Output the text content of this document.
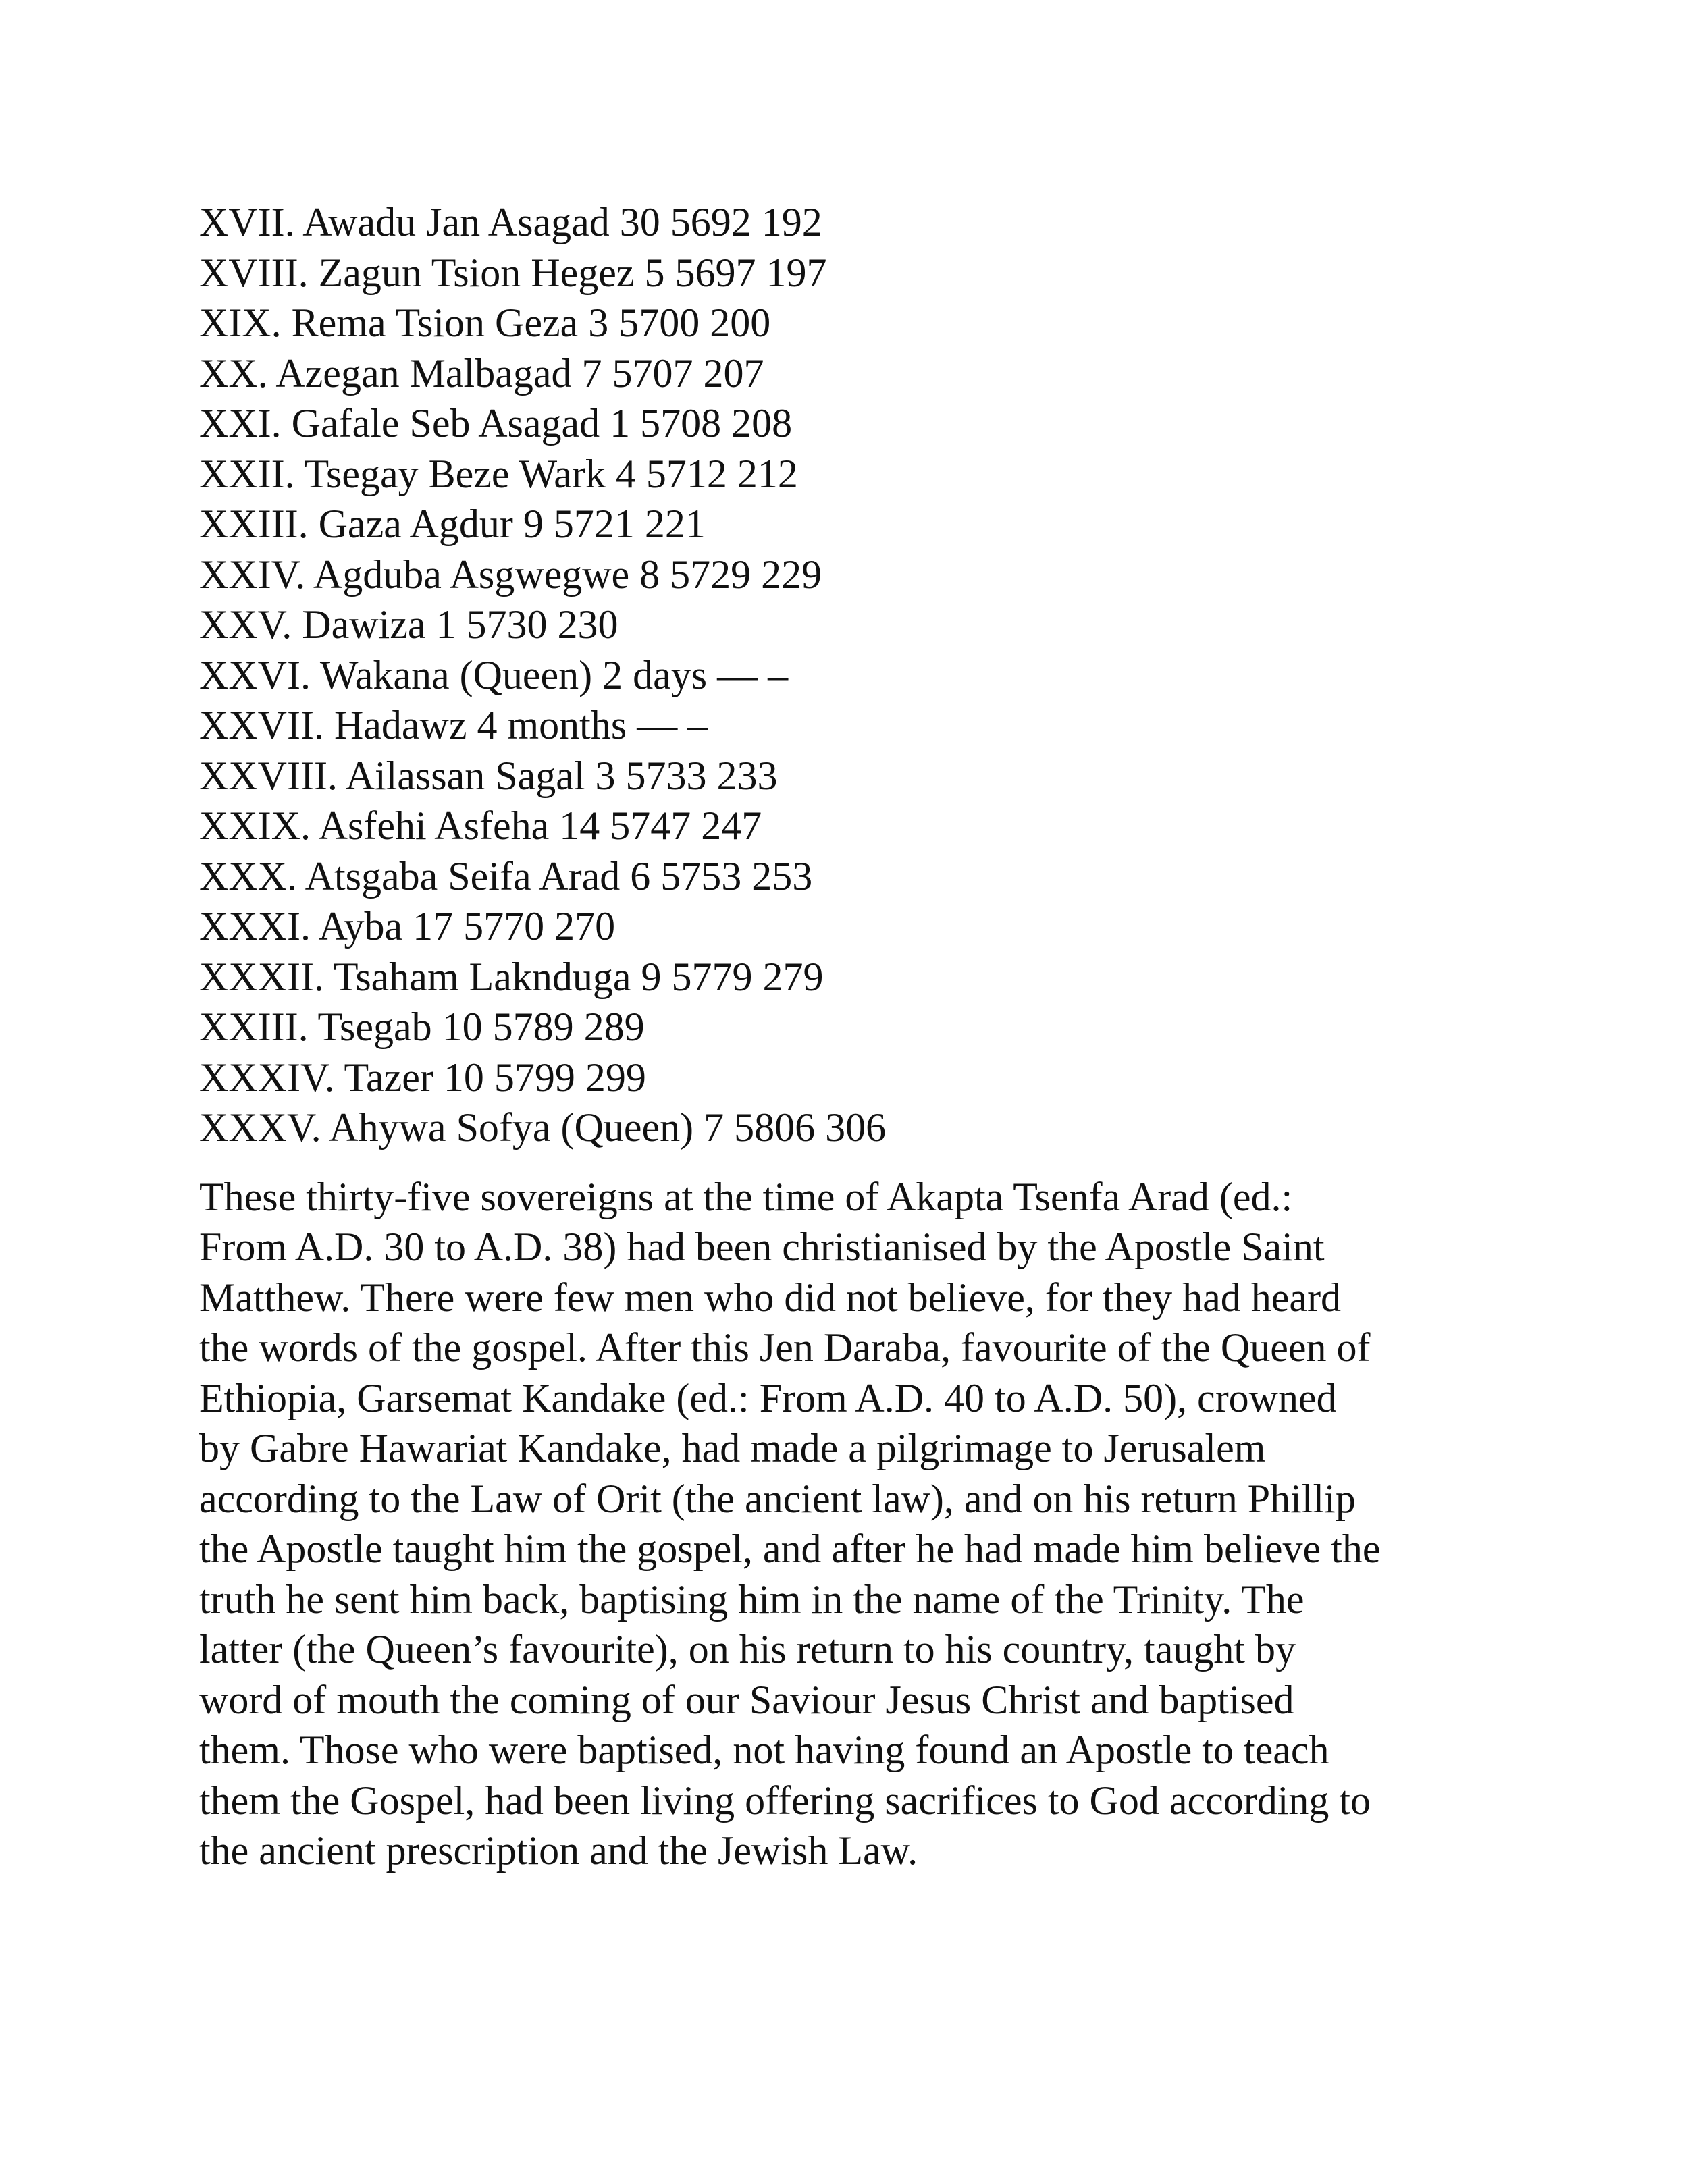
XVII. Awadu Jan Asagad 30 5692 192
XVIII. Zagun Tsion Hegez 5 5697 197
XIX. Rema Tsion Geza 3 5700 200
XX. Azegan Malbagad 7 5707 207
XXI. Gafale Seb Asagad 1 5708 208
XXII. Tsegay Beze Wark 4 5712 212
XXIII. Gaza Agdur 9 5721 221
XXIV. Agduba Asgwegwe 8 5729 229
XXV. Dawiza 1 5730 230
XXVI. Wakana (Queen) 2 days — –
XXVII. Hadawz 4 months — –
XXVIII. Ailassan Sagal 3 5733 233
XXIX. Asfehi Asfeha 14 5747 247
XXX. Atsgaba Seifa Arad 6 5753 253
XXXI. Ayba 17 5770 270
XXXII. Tsaham Laknduga 9 5779 279
XXIII. Tsegab 10 5789 289
XXXIV. Tazer 10 5799 299
XXXV. Ahywa Sofya (Queen) 7 5806 306

These thirty-five sovereigns at the time of Akapta Tsenfa Arad (ed.:
From A.D. 30 to A.D. 38) had been christianised by the Apostle Saint
Matthew. There were few men who did not believe, for they had heard
the words of the gospel. After this Jen Daraba, favourite of the Queen of
Ethiopia, Garsemat Kandake (ed.: From A.D. 40 to A.D. 50), crowned
by Gabre Hawariat Kandake, had made a pilgrimage to Jerusalem
according to the Law of Orit (the ancient law), and on his return Phillip
the Apostle taught him the gospel, and after he had made him believe the
truth he sent him back, baptising him in the name of the Trinity. The
latter (the Queen’s favourite), on his return to his country, taught by
word of mouth the coming of our Saviour Jesus Christ and baptised
them. Those who were baptised, not having found an Apostle to teach
them the Gospel, had been living offering sacrifices to God according to
the ancient prescription and the Jewish Law.
